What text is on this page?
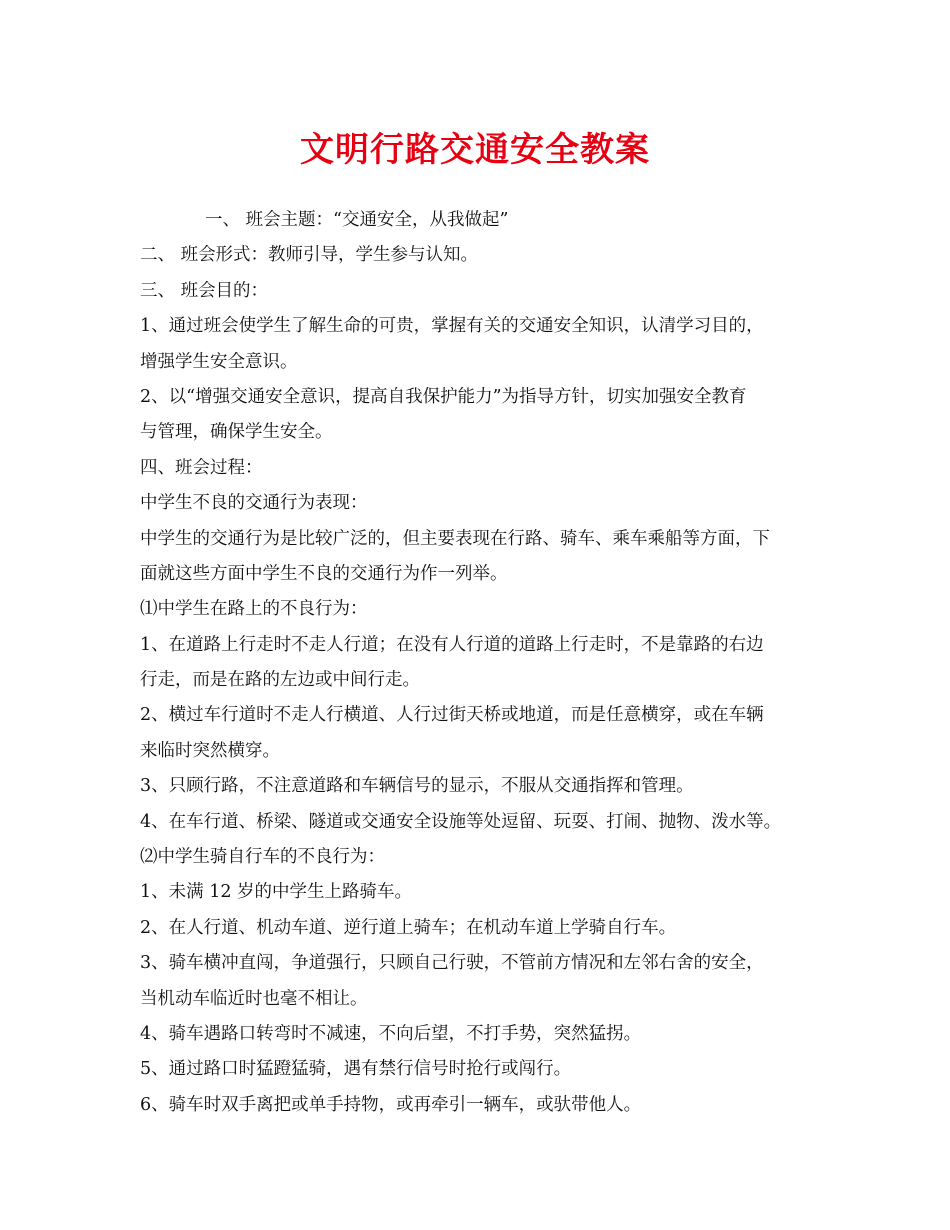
文明行路交通安全教案
一、 班会主题：“交通安全，从我做起”
二、 班会形式：教师引导，学生参与认知。
三、 班会目的：
1、通过班会使学生了解生命的可贵，掌握有关的交通安全知识，认清学习目的，
增强学生安全意识。
2、以“增强交通安全意识，提高自我保护能力”为指导方针，切实加强安全教育
与管理，确保学生安全。
四、班会过程：
中学生不良的交通行为表现：
中学生的交通行为是比较广泛的，但主要表现在行路、骑车、乘车乘船等方面，下
面就这些方面中学生不良的交通行为作一列举。
⑴中学生在路上的不良行为：
1、在道路上行走时不走人行道；在没有人行道的道路上行走时，不是靠路的右边
行走，而是在路的左边或中间行走。
2、横过车行道时不走人行横道、人行过街天桥或地道，而是任意横穿，或在车辆
来临时突然横穿。
3、只顾行路，不注意道路和车辆信号的显示，不服从交通指挥和管理。
4、在车行道、桥梁、隧道或交通安全设施等处逗留、玩耍、打闹、抛物、泼水等。
⑵中学生骑自行车的不良行为：
1、未满 12 岁的中学生上路骑车。
2、在人行道、机动车道、逆行道上骑车；在机动车道上学骑自行车。
3、骑车横冲直闯，争道强行，只顾自己行驶，不管前方情况和左邻右舍的安全，
当机动车临近时也毫不相让。
4、骑车遇路口转弯时不减速，不向后望，不打手势，突然猛拐。
5、通过路口时猛蹬猛骑，遇有禁行信号时抢行或闯行。
6、骑车时双手离把或单手持物，或再牵引一辆车，或驮带他人。
